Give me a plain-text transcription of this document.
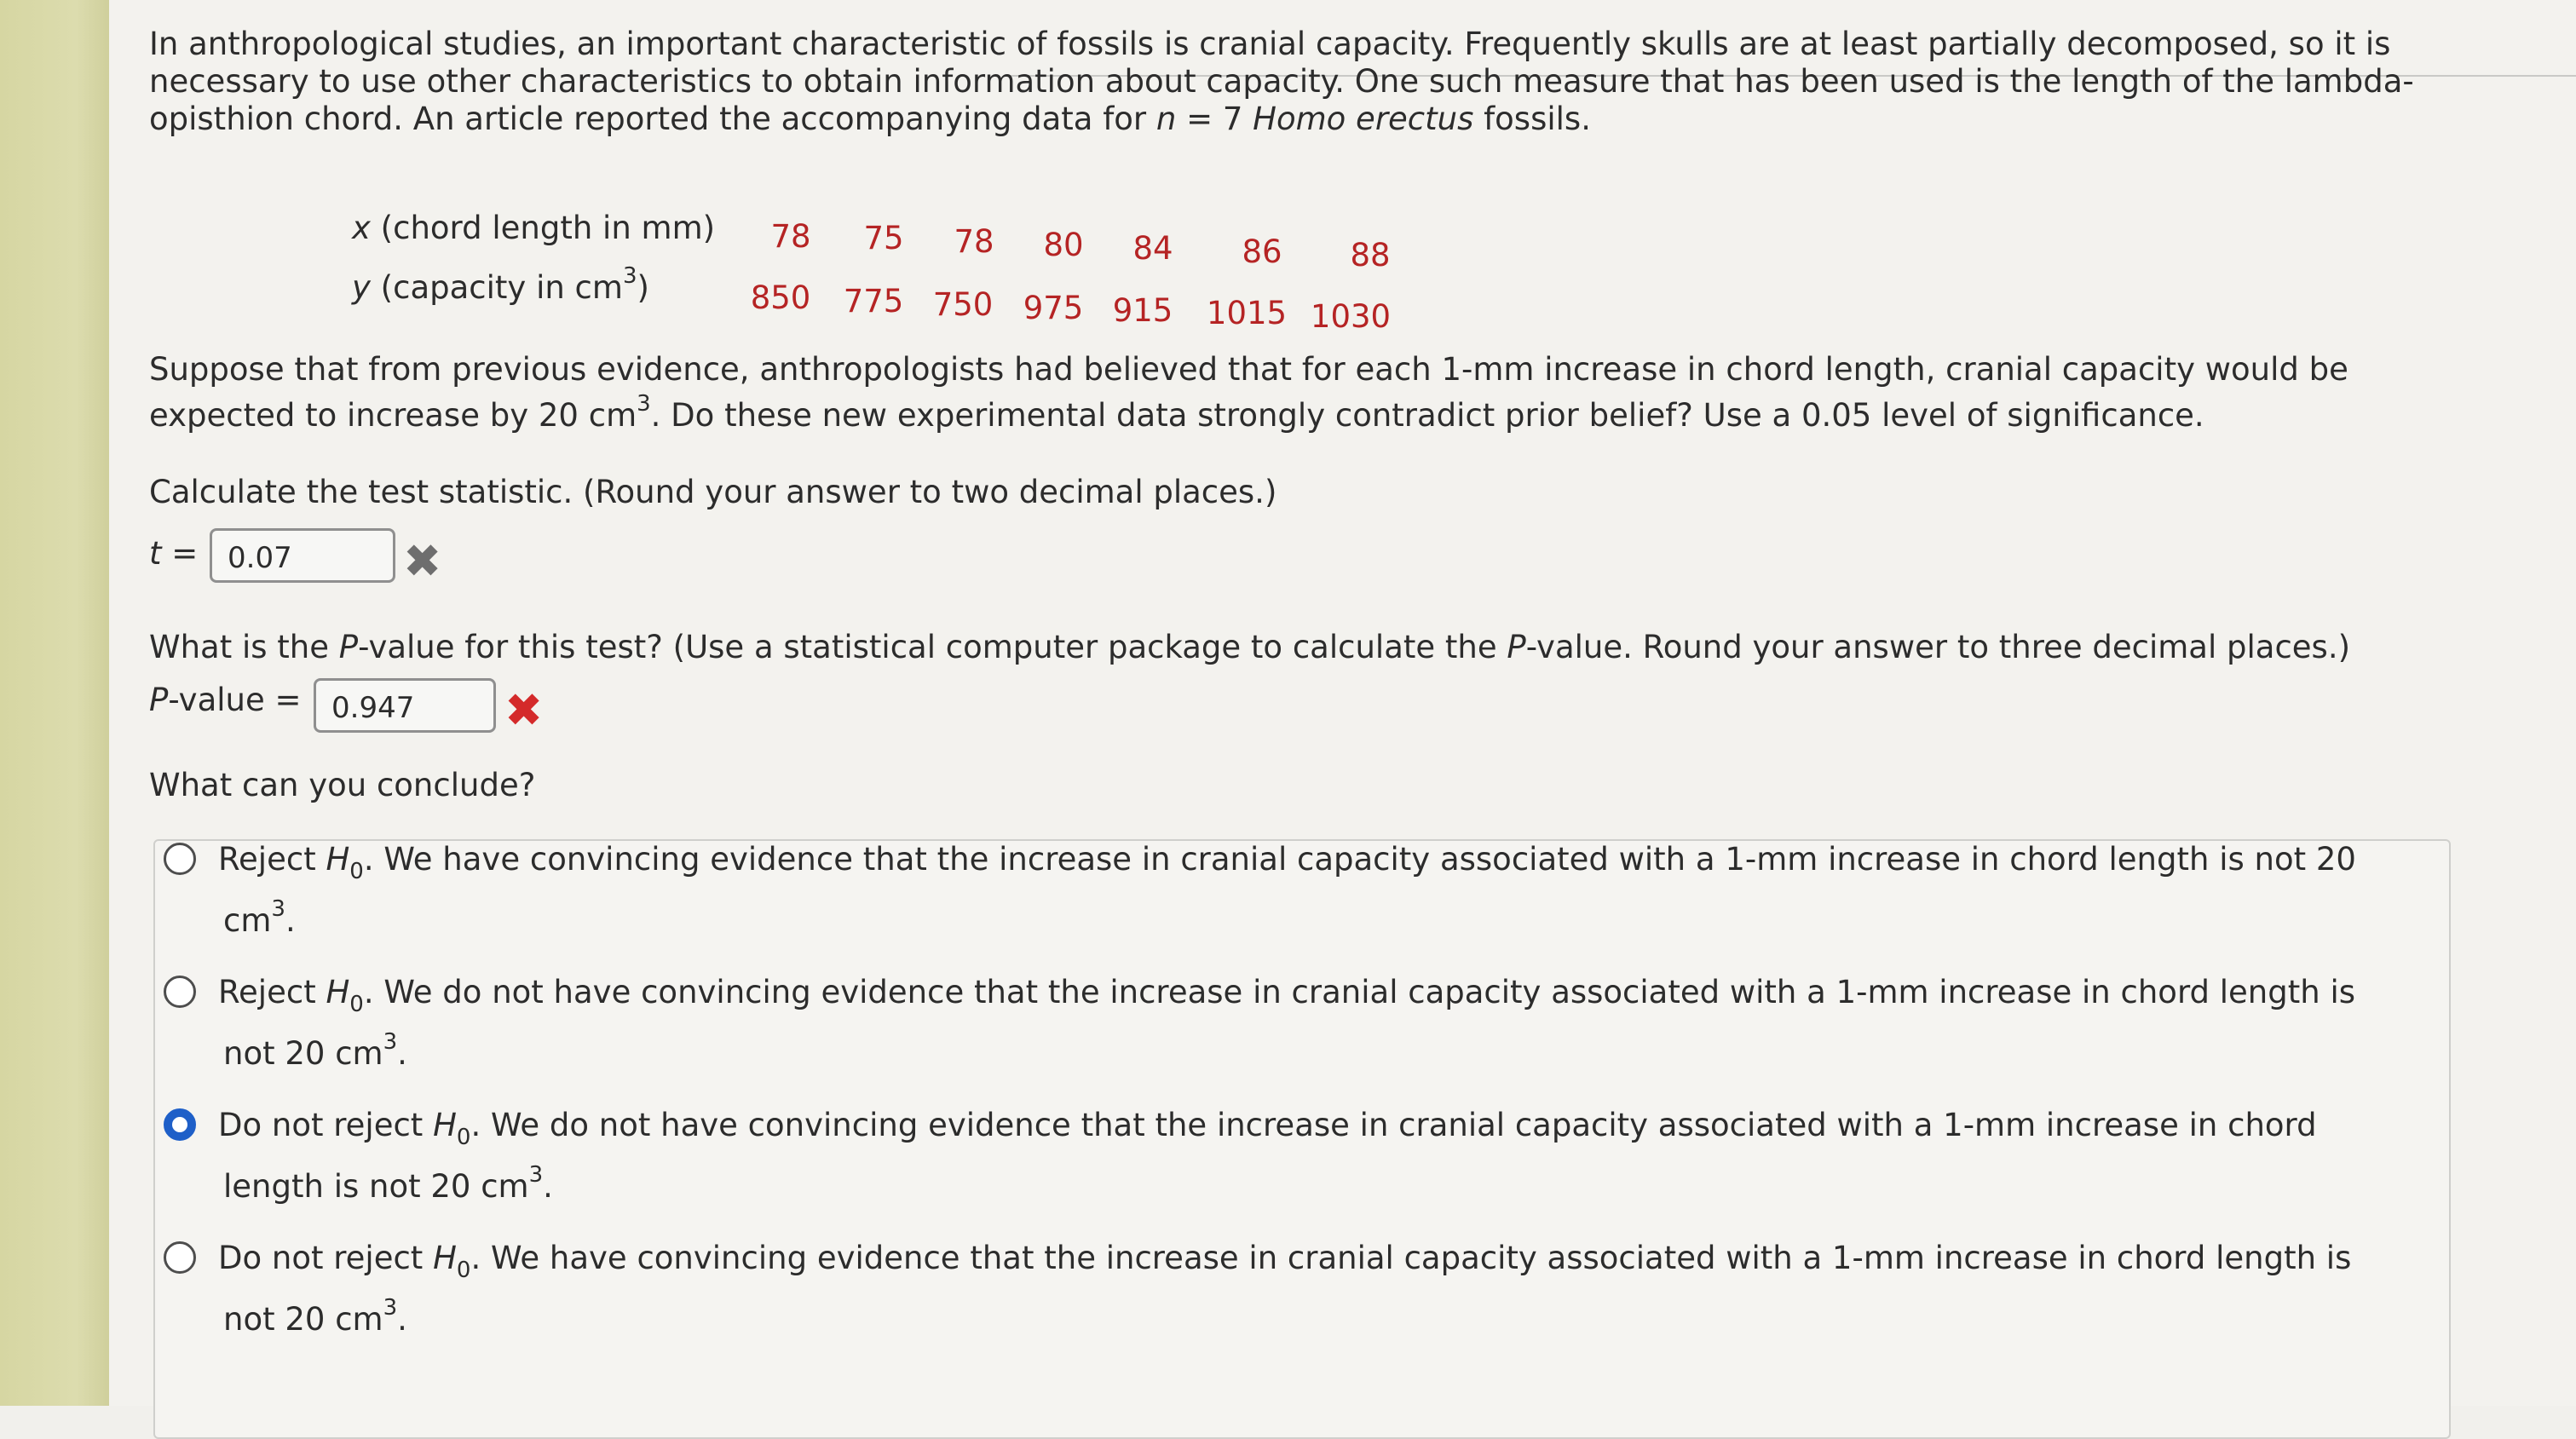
In anthropological studies, an important characteristic of fossils is cranial capacity. Frequently skulls are at least partially decomposed, so it is
necessary to use other characteristics to obtain information about capacity. One such measure that has been used is the length of the lambda-
opisthion chord. An article reported the accompanying data for n = 7 Homo erectus fossils.
x (chord length in mm)
y (capacity in $cm^3$)
78	75	78	80	84	86	88
850	775 750 975 915	1015 1030
Suppose that from previous evidence, anthropologists had believed that for each 1-mm increase in chord length, cranial capacity would be
expected to increase by 20 $cm^3$. Do these new experimental data strongly contradict prior belief? Use a 0.05 level of significance.
Calculate the test statistic. (Round your answer to two decimal places.)
t =	0.07	✖
What is the P-value for this test? (Use a statistical computer package to calculate the P-value. Round your answer to three decimal places.)
P-value =	0.947	✖
What can you conclude?
Reject $H_0$. We have convincing evidence that the increase in cranial capacity associated with a 1-mm increase in chord length is not 20
$cm^3$.
Reject $H_0$. We do not have convincing evidence that the increase in cranial capacity associated with a 1-mm increase in chord length is
not 20 $cm^3$.
Do not reject $H_0$. We do not have convincing evidence that the increase in cranial capacity associated with a 1-mm increase in chord
length is not 20 $cm^3$.
Do not reject $H_0$. We have convincing evidence that the increase in cranial capacity associated with a 1-mm increase in chord length is
not 20 $cm^3$.
